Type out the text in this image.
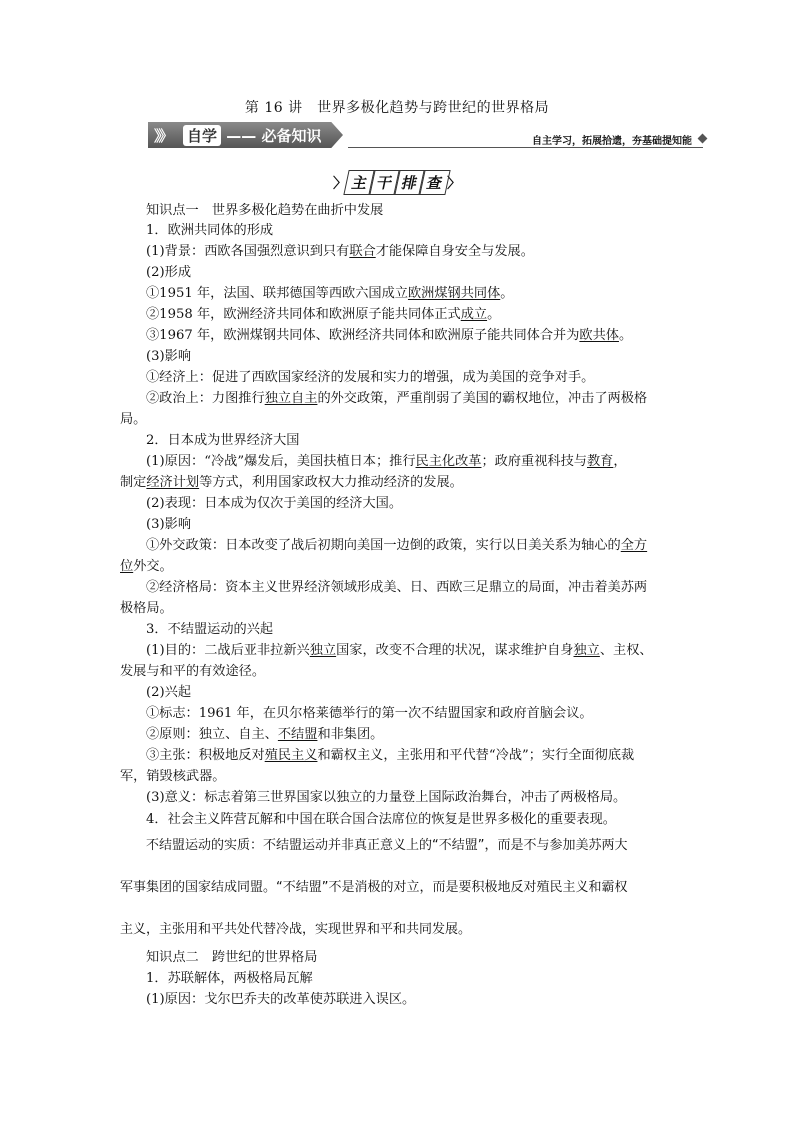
第 16 讲　世界多极化趋势与跨世纪的世界格局
》》 自学 —— 必备知识	自主学习，拓展拾遗，夯基础提知能
〉 主 干 排 查 〉
知识点一　世界多极化趋势在曲折中发展
1．欧洲共同体的形成
(1)背景：西欧各国强烈意识到只有联合才能保障自身安全与发展。
(2)形成
①1951 年，法国、联邦德国等西欧六国成立欧洲煤钢共同体。
②1958 年，欧洲经济共同体和欧洲原子能共同体正式成立。
③1967 年，欧洲煤钢共同体、欧洲经济共同体和欧洲原子能共同体合并为欧共体。
(3)影响
①经济上：促进了西欧国家经济的发展和实力的增强，成为美国的竞争对手。
②政治上：力图推行独立自主的外交政策，严重削弱了美国的霸权地位，冲击了两极格
局。
2．日本成为世界经济大国
(1)原因：“冷战”爆发后，美国扶植日本；推行民主化改革；政府重视科技与教育，
制定经济计划等方式，利用国家政权大力推动经济的发展。
(2)表现：日本成为仅次于美国的经济大国。
(3)影响
①外交政策：日本改变了战后初期向美国一边倒的政策，实行以日美关系为轴心的全方
位外交。
②经济格局：资本主义世界经济领域形成美、日、西欧三足鼎立的局面，冲击着美苏两
极格局。
3．不结盟运动的兴起
(1)目的：二战后亚非拉新兴独立国家，改变不合理的状况，谋求维护自身独立、主权、
发展与和平的有效途径。
(2)兴起
①标志：1961 年，在贝尔格莱德举行的第一次不结盟国家和政府首脑会议。
②原则：独立、自主、不结盟和非集团。
③主张：积极地反对殖民主义和霸权主义，主张用和平代替“冷战”；实行全面彻底裁
军，销毁核武器。
(3)意义：标志着第三世界国家以独立的力量登上国际政治舞台，冲击了两极格局。
4．社会主义阵营瓦解和中国在联合国合法席位的恢复是世界多极化的重要表现。
不结盟运动的实质：不结盟运动并非真正意义上的“不结盟”，而是不与参加美苏两大
军事集团的国家结成同盟。“不结盟”不是消极的对立，而是要积极地反对殖民主义和霸权
主义，主张用和平共处代替冷战，实现世界和平和共同发展。
知识点二　跨世纪的世界格局
1．苏联解体，两极格局瓦解
(1)原因：戈尔巴乔夫的改革使苏联进入误区。
